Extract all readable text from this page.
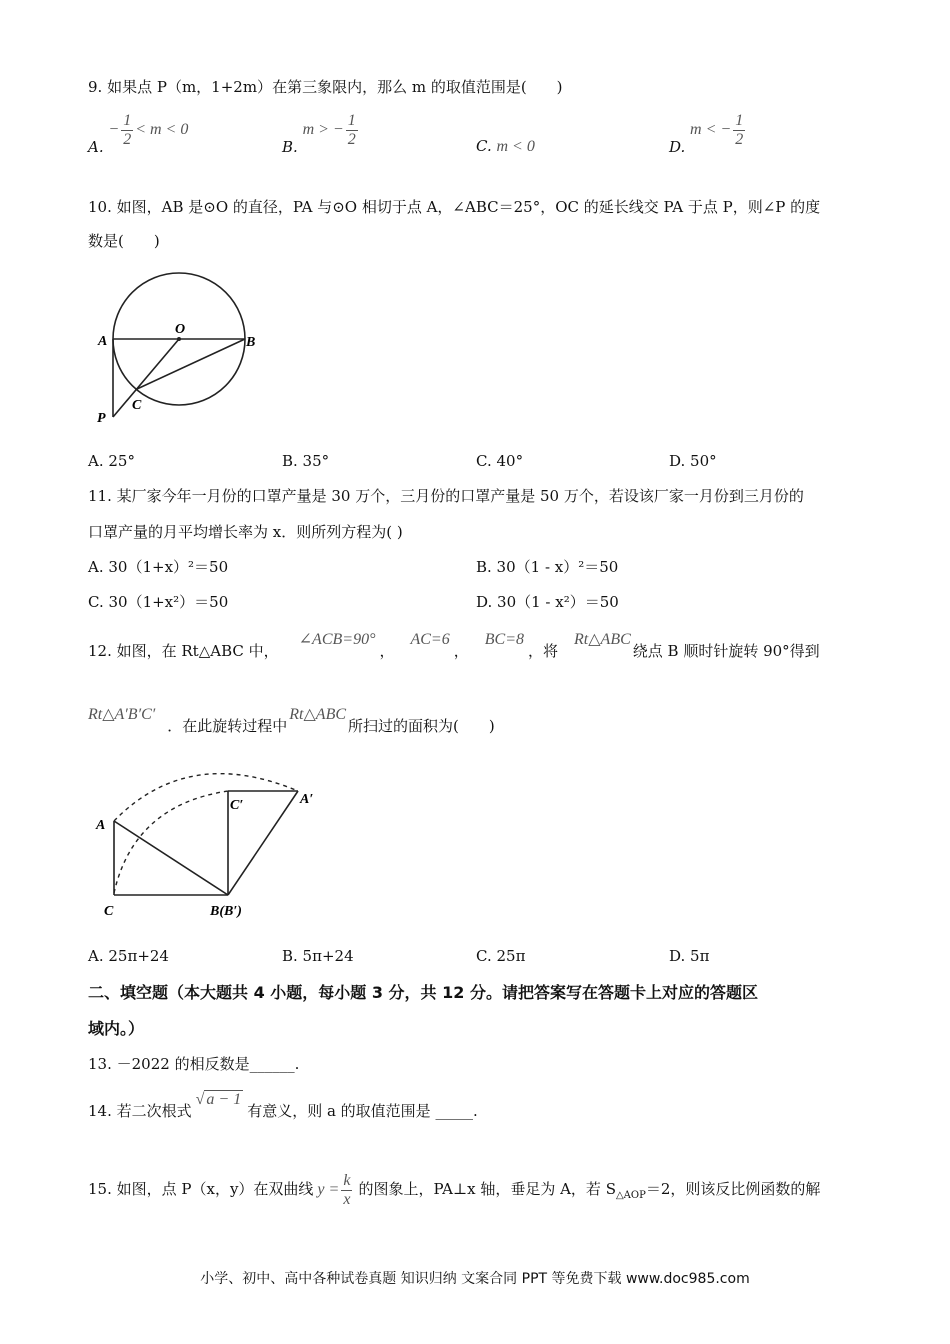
9. 如果点 P（m，1+2m）在第三象限内，那么 m 的取值范围是(　　)
A. − $\frac{1}{2} < m < 0$
B. m > − $\frac{1}{2}$	C. m < 0	D. m < − $\frac{1}{2}$
10. 如图，AB 是⊙O 的直径，PA 与⊙O 相切于点 A，∠ABC＝25°，OC 的延长线交 PA 于点 P，则∠P 的度
数是(　　)
A	B
O
C
P
A. 25°	B. 35°	C. 40°	D. 50°
11. 某厂家今年一月份的口罩产量是 30 万个，三月份的口罩产量是 50 万个，若设该厂家一月份到三月份的
口罩产量的月平均增长率为 x．则所列方程为( )
A. 30（1+x）²＝50	B. 30（1 - x）²＝50
C. 30（1+x²）＝50	D. 30（1 - x²）＝50
12. 如图，在 Rt△ABC 中，∠ACB=90°，AC=6，BC=8，将Rt△ABC绕点 B 顺时针旋转 90°得到
Rt△A′B′C′．在此旋转过程中Rt△ABC所扫过的面积为(　　)
A
C	B(B′)
C′	A′
A. 25π+24	B. 5π+24	C. 25π	D. 5π
二、填空题（本大题共 4 小题，每小题 3 分，共 12 分。请把答案写在答题卡上对应的答题区
域内。）
13. －2022 的相反数是______.
14. 若二次根式√ a − 1有意义，则 a 的取值范围是 _____.
15. 如图，点 P（x，y）在双曲线 $y = \frac{k}{x}$ 的图象上，PA⊥x 轴，垂足为 A，若 $S_{\triangle AOP}=2$，则该反比例函数的解
小学、初中、高中各种试卷真题 知识归纳 文案合同 PPT 等免费下载 www.doc985.com
